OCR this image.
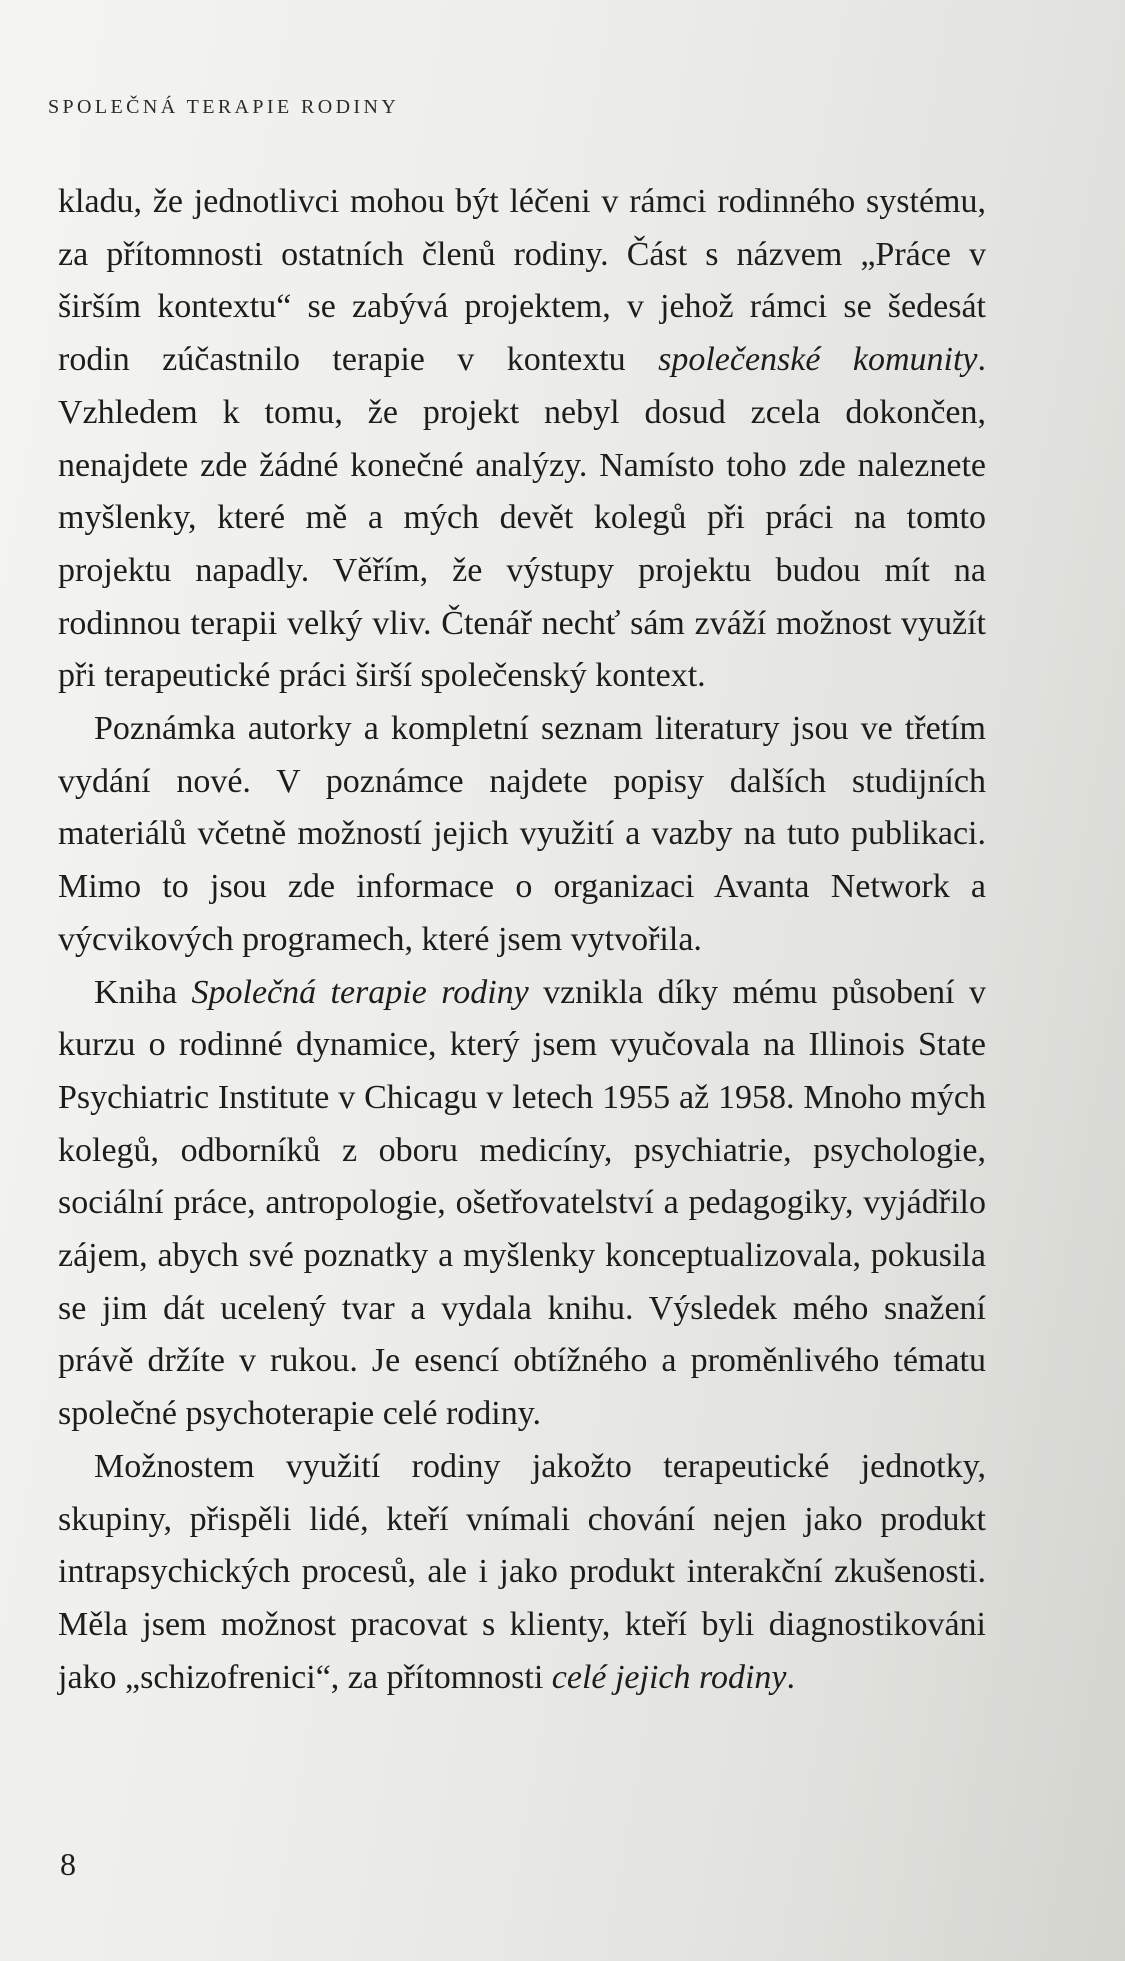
SPOLEČNÁ TERAPIE RODINY

kladu, že jednotlivci mohou být léčeni v rámci rodinného systému, za přítomnosti ostatních členů rodiny. Část s názvem „Práce v širším kontextu“ se zabývá projektem, v jehož rámci se šedesát rodin zúčastnilo terapie v kontextu společenské komunity. Vzhledem k tomu, že projekt nebyl dosud zcela dokončen, nenajdete zde žádné konečné analýzy. Namísto toho zde naleznete myšlenky, které mě a mých devět kolegů při práci na tomto projektu napadly. Věřím, že výstupy projektu budou mít na rodinnou terapii velký vliv. Čtenář nechť sám zváží možnost využít při terapeutické práci širší společenský kontext.

Poznámka autorky a kompletní seznam literatury jsou ve třetím vydání nové. V poznámce najdete popisy dalších studijních materiálů včetně možností jejich využití a vazby na tuto publikaci. Mimo to jsou zde informace o organizaci Avanta Network a výcvikových programech, které jsem vytvořila.

Kniha Společná terapie rodiny vznikla díky mému působení v kurzu o rodinné dynamice, který jsem vyučovala na Illinois State Psychiatric Institute v Chicagu v letech 1955 až 1958. Mnoho mých kolegů, odborníků z oboru medicíny, psychiatrie, psychologie, sociální práce, antropologie, ošetřovatelství a pedagogiky, vyjádřilo zájem, abych své poznatky a myšlenky konceptualizovala, pokusila se jim dát ucelený tvar a vydala knihu. Výsledek mého snažení právě držíte v rukou. Je esencí obtížného a proměnlivého tématu společné psychoterapie celé rodiny.

Možnostem využití rodiny jakožto terapeutické jednotky, skupiny, přispěli lidé, kteří vnímali chování nejen jako produkt intrapsychických procesů, ale i jako produkt interakční zkušenosti. Měla jsem možnost pracovat s klienty, kteří byli diagnostikováni jako „schizofrenici“, za přítomnosti celé jejich rodiny.

8
